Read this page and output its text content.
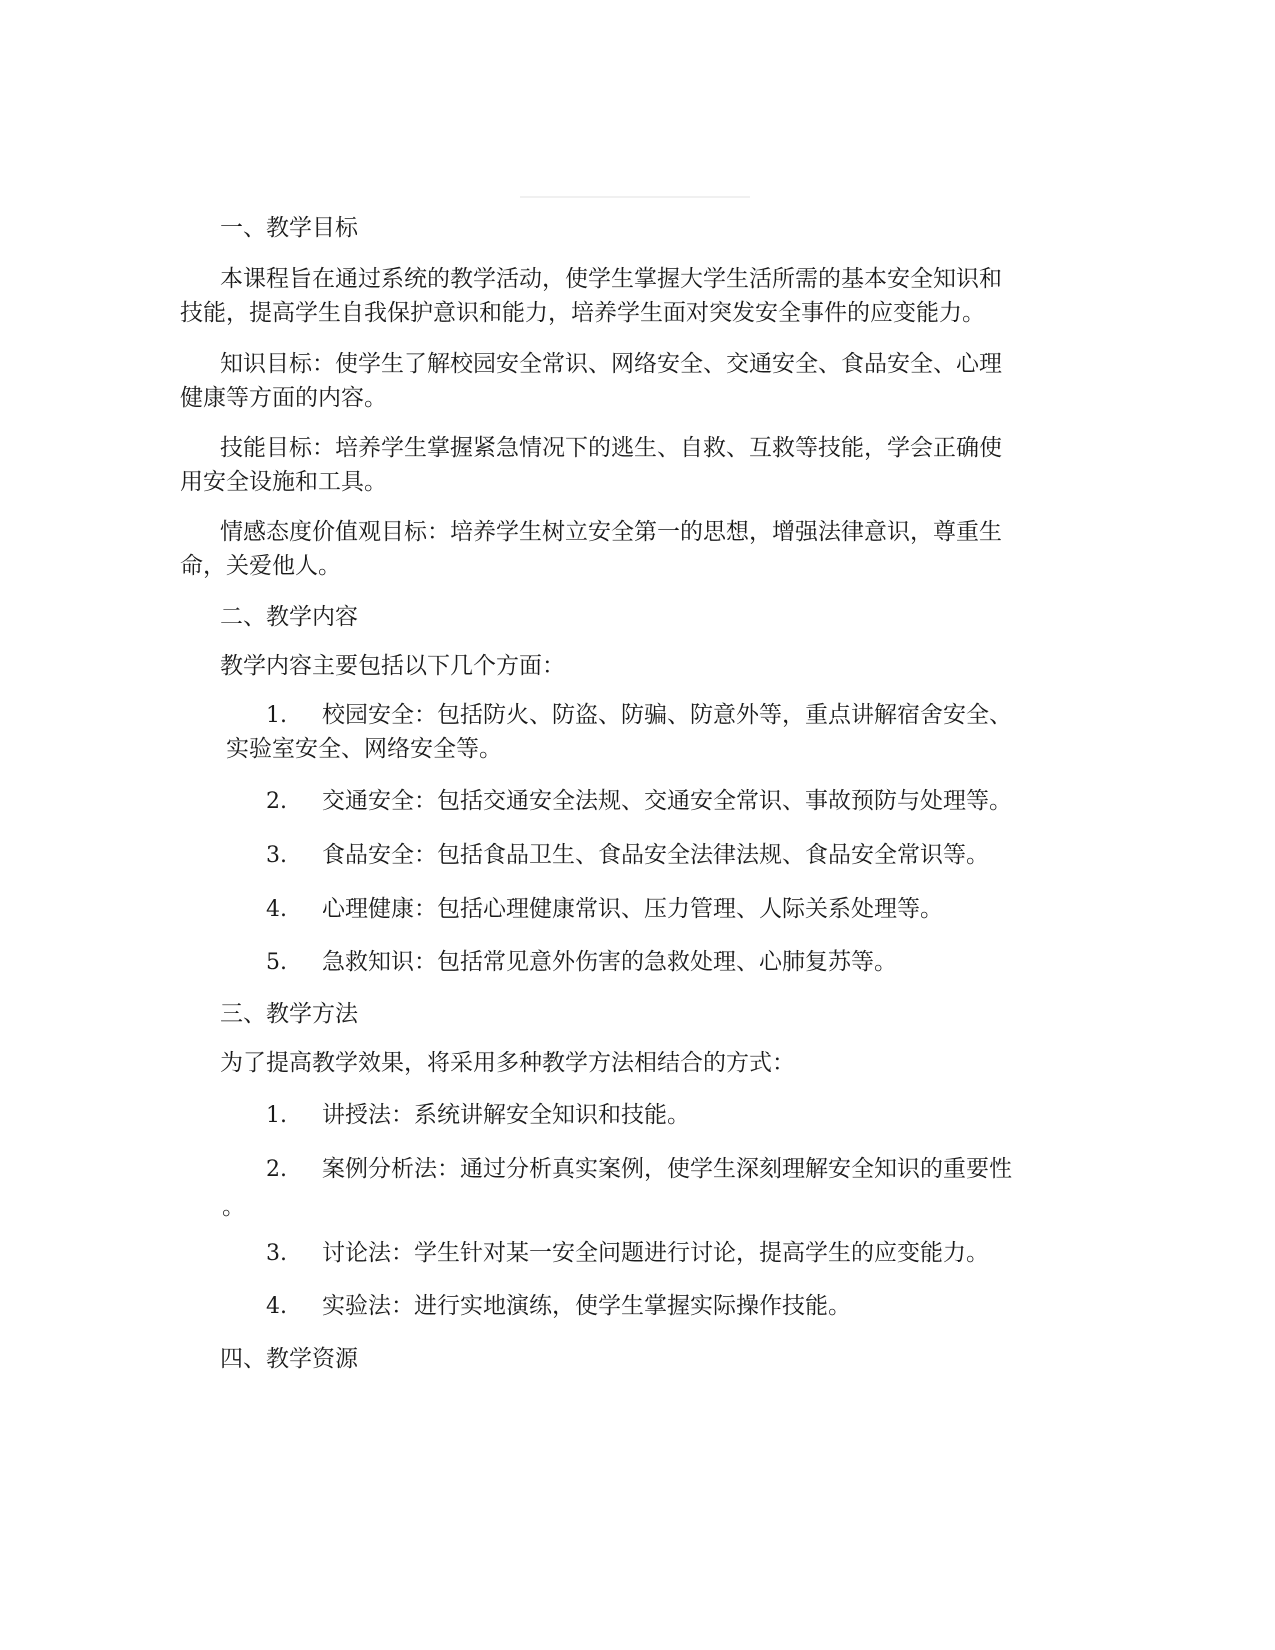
一、教学目标
本课程旨在通过系统的教学活动，使学生掌握大学生活所需的基本安全知识和
技能，提高学生自我保护意识和能力，培养学生面对突发安全事件的应变能力。
知识目标：使学生了解校园安全常识、网络安全、交通安全、食品安全、心理
健康等方面的内容。
技能目标：培养学生掌握紧急情况下的逃生、自救、互救等技能，学会正确使
用安全设施和工具。
情感态度价值观目标：培养学生树立安全第一的思想，增强法律意识，尊重生
命，关爱他人。
二、教学内容
教学内容主要包括以下几个方面：
1. 校园安全：包括防火、防盗、防骗、防意外等，重点讲解宿舍安全、
实验室安全、网络安全等。
2. 交通安全：包括交通安全法规、交通安全常识、事故预防与处理等。
3. 食品安全：包括食品卫生、食品安全法律法规、食品安全常识等。
4. 心理健康：包括心理健康常识、压力管理、人际关系处理等。
5. 急救知识：包括常见意外伤害的急救处理、心肺复苏等。
三、教学方法
为了提高教学效果，将采用多种教学方法相结合的方式：
1. 讲授法：系统讲解安全知识和技能。
2. 案例分析法：通过分析真实案例，使学生深刻理解安全知识的重要性
。
3. 讨论法：学生针对某一安全问题进行讨论，提高学生的应变能力。
4. 实验法：进行实地演练，使学生掌握实际操作技能。
四、教学资源
